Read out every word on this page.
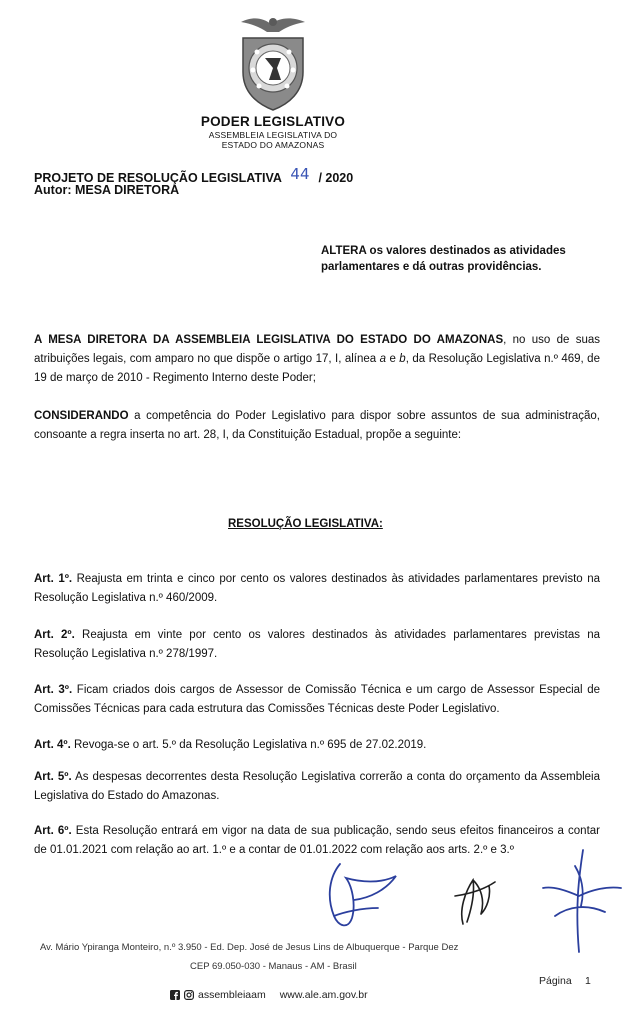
PODER LEGISLATIVO
ASSEMBLEIA LEGISLATIVA DO
ESTADO DO AMAZONAS
PROJETO DE RESOLUÇÃO LEGISLATIVA 44 / 2020
Autor: MESA DIRETORA
ALTERA os valores destinados as atividades
parlamentares e dá outras providências.
A MESA DIRETORA DA ASSEMBLEIA LEGISLATIVA DO ESTADO DO AMAZONAS, no uso de suas atribuições legais, com amparo no que dispõe o artigo 17, I, alínea a e b, da Resolução Legislativa n.º 469, de 19 de março de 2010 - Regimento Interno deste Poder;
CONSIDERANDO a competência do Poder Legislativo para dispor sobre assuntos de sua administração, consoante a regra inserta no art. 28, I, da Constituição Estadual, propõe a seguinte:
RESOLUÇÃO LEGISLATIVA:
Art. 1º. Reajusta em trinta e cinco por cento os valores destinados às atividades parlamentares previsto na Resolução Legislativa n.º 460/2009.
Art. 2º. Reajusta em vinte por cento os valores destinados às atividades parlamentares previstas na Resolução Legislativa n.º 278/1997.
Art. 3º. Ficam criados dois cargos de Assessor de Comissão Técnica e um cargo de Assessor Especial de Comissões Técnicas para cada estrutura das Comissões Técnicas deste Poder Legislativo.
Art. 4º. Revoga-se o art. 5.º da Resolução Legislativa n.º 695 de 27.02.2019.
Art. 5º. As despesas decorrentes desta Resolução Legislativa correrão a conta do orçamento da Assembleia Legislativa do Estado do Amazonas.
Art. 6º. Esta Resolução entrará em vigor na data de sua publicação, sendo seus efeitos financeiros a contar de 01.01.2021 com relação ao art. 1.º e a contar de 01.01.2022 com relação aos arts. 2.º e 3.º
Av. Mário Ypiranga Monteiro, n.º 3.950 - Ed. Dep. José de Jesus Lins de Albuquerque - Parque Dez
CEP 69.050-030 - Manaus - AM - Brasil
Página 1
assembleiaam www.ale.am.gov.br
